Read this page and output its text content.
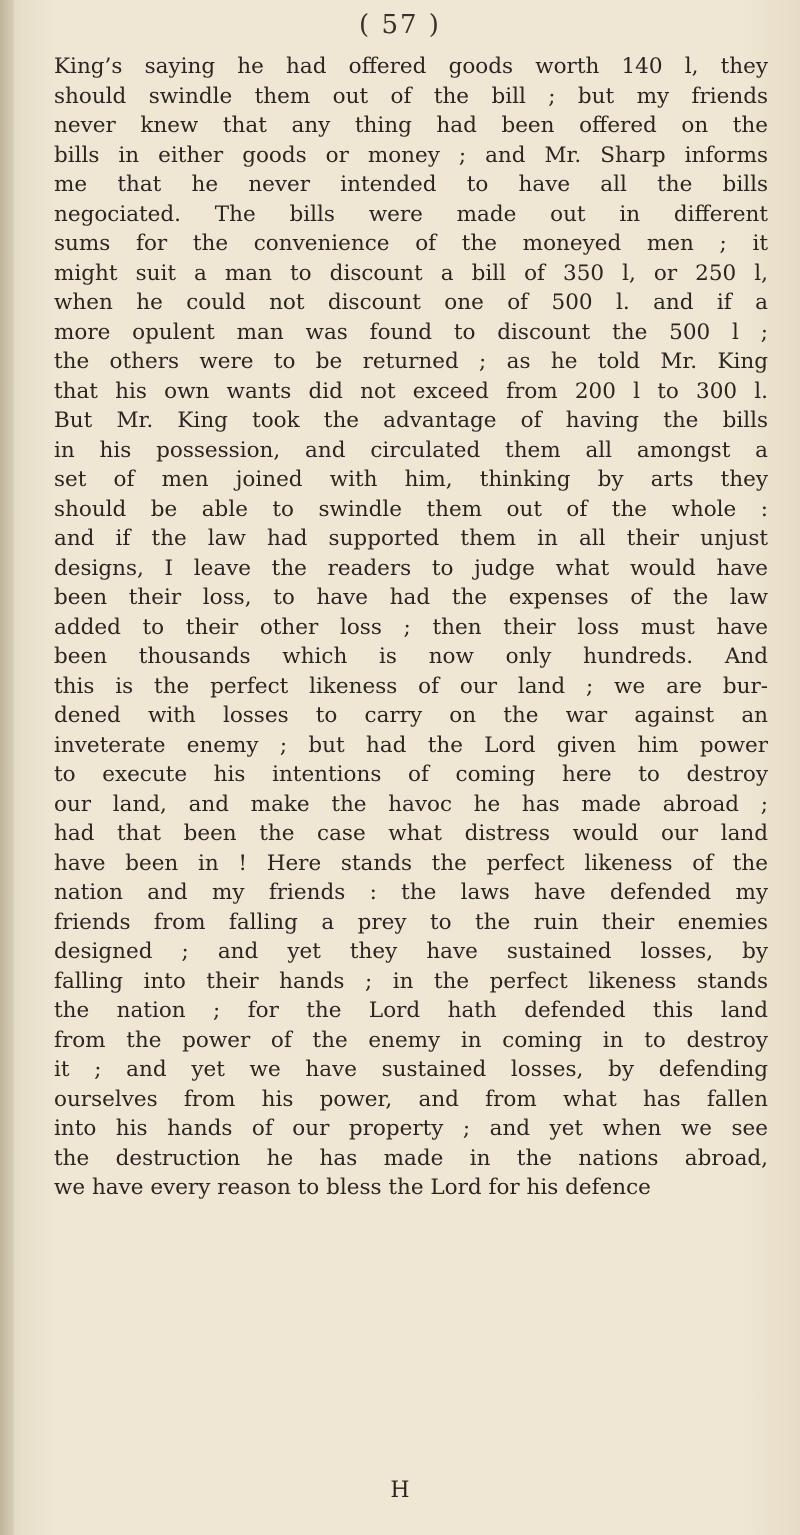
( 57 )
King’s saying he had offered goods worth 140 l, they
should swindle them out of the bill ; but my friends
never knew that any thing had been offered on the
bills in either goods or money ; and Mr. Sharp informs
me that he never intended to have all the bills
negociated. The bills were made out in different
sums for the convenience of the moneyed men ; it
might suit a man to discount a bill of 350 l, or 250 l,
when he could not discount one of 500 l. and if a
more opulent man was found to discount the 500 l ;
the others were to be returned ; as he told Mr. King
that his own wants did not exceed from 200 l to 300 l.
But Mr. King took the advantage of having the bills
in his possession, and circulated them all amongst a
set of men joined with him, thinking by arts they
should be able to swindle them out of the whole :
and if the law had supported them in all their unjust
designs, I leave the readers to judge what would have
been their loss, to have had the expenses of the law
added to their other loss ; then their loss must have
been thousands which is now only hundreds. And
this is the perfect likeness of our land ; we are bur-
dened with losses to carry on the war against an
inveterate enemy ; but had the Lord given him power
to execute his intentions of coming here to destroy
our land, and make the havoc he has made abroad ;
had that been the case what distress would our land
have been in ! Here stands the perfect likeness of the
nation and my friends : the laws have defended my
friends from falling a prey to the ruin their enemies
designed ; and yet they have sustained losses, by
falling into their hands ; in the perfect likeness stands
the nation ; for the Lord hath defended this land
from the power of the enemy in coming in to destroy
it ; and yet we have sustained losses, by defending
ourselves from his power, and from what has fallen
into his hands of our property ; and yet when we see
the destruction he has made in the nations abroad,
we have every reason to bless the Lord for his defence
H
